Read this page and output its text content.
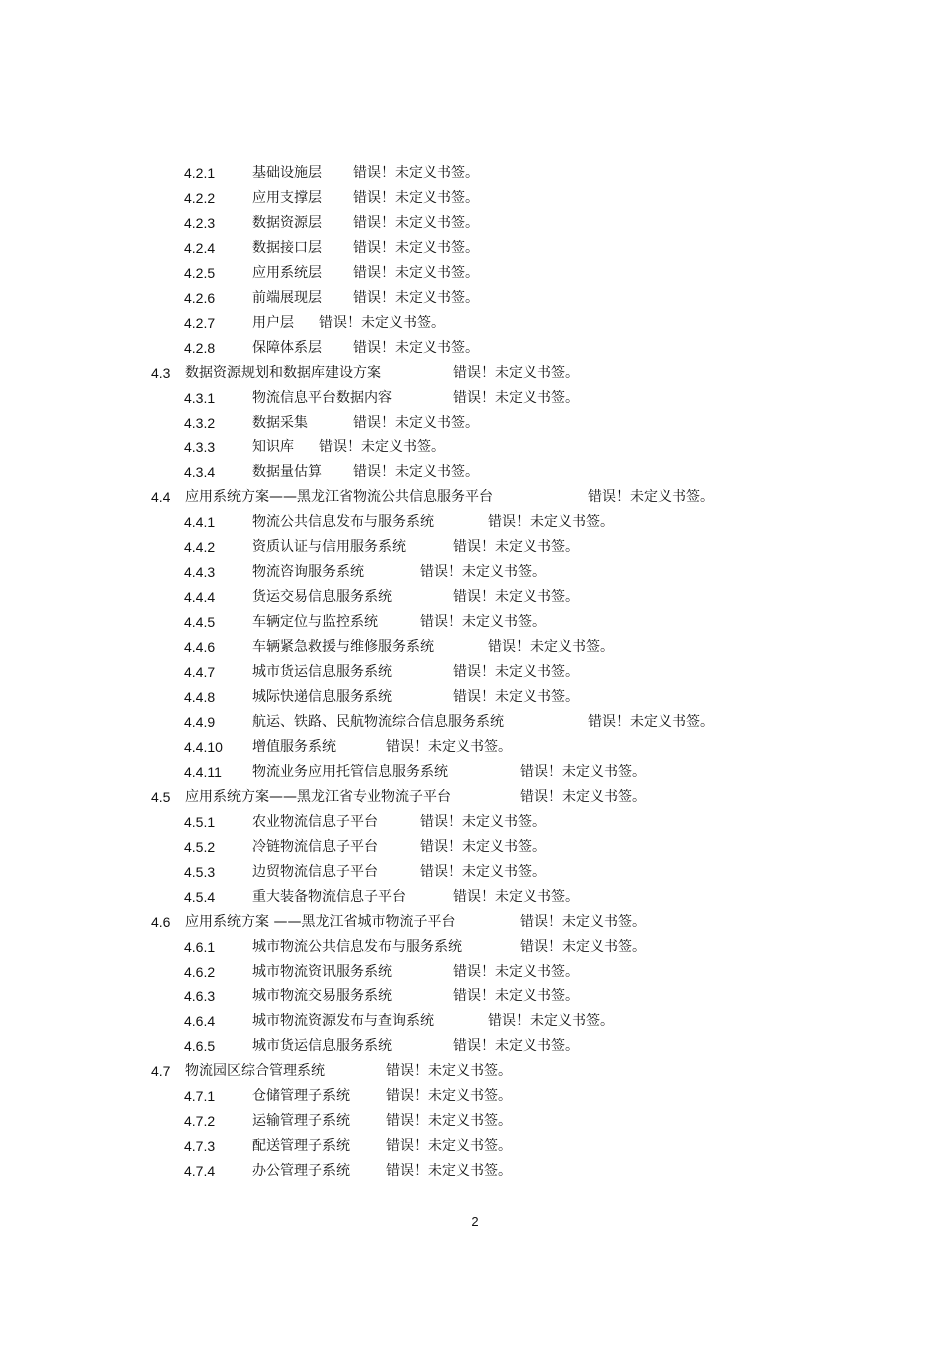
4.2.1	基础设施层 错误！未定义书签。
4.2.2	应用支撑层 错误！未定义书签。
4.2.3	数据资源层 错误！未定义书签。
4.2.4	数据接口层 错误！未定义书签。
4.2.5	应用系统层 错误！未定义书签。
4.2.6	前端展现层 错误！未定义书签。
4.2.7	用户层 错误！未定义书签。
4.2.8	保障体系层 错误！未定义书签。
4.3 数据资源规划和数据库建设方案	错误！未定义书签。
4.3.1	物流信息平台数据内容	错误！未定义书签。
4.3.2	数据采集	错误！未定义书签。
4.3.3	知识库 错误！未定义书签。
4.3.4	数据量估算 错误！未定义书签。
4.4 应用系统方案——黑龙江省物流公共信息服务平台	错误！未定义书签。
4.4.1	物流公共信息发布与服务系统	错误！未定义书签。
4.4.2	资质认证与信用服务系统	错误！未定义书签。
4.4.3	物流咨询服务系统	错误！未定义书签。
4.4.4	货运交易信息服务系统	错误！未定义书签。
4.4.5	车辆定位与监控系统	错误！未定义书签。
4.4.6	车辆紧急救援与维修服务系统	错误！未定义书签。
4.4.7	城市货运信息服务系统	错误！未定义书签。
4.4.8	城际快递信息服务系统	错误！未定义书签。
4.4.9	航运、铁路、民航物流综合信息服务系统	错误！未定义书签。
4.4.10 增值服务系统	错误！未定义书签。
4.4.11 物流业务应用托管信息服务系统	错误！未定义书签。
4.5 应用系统方案——黑龙江省专业物流子平台	错误！未定义书签。
4.5.1	农业物流信息子平台	错误！未定义书签。
4.5.2	冷链物流信息子平台	错误！未定义书签。
4.5.3	边贸物流信息子平台	错误！未定义书签。
4.5.4	重大装备物流信息子平台	错误！未定义书签。
4.6 应用系统方案 ——黑龙江省城市物流子平台	错误！未定义书签。
4.6.1	城市物流公共信息发布与服务系统	错误！未定义书签。
4.6.2	城市物流资讯服务系统	错误！未定义书签。
4.6.3	城市物流交易服务系统	错误！未定义书签。
4.6.4	城市物流资源发布与查询系统	错误！未定义书签。
4.6.5	城市货运信息服务系统	错误！未定义书签。
4.7 物流园区综合管理系统	错误！未定义书签。
4.7.1	仓储管理子系统	错误！未定义书签。
4.7.2	运输管理子系统	错误！未定义书签。
4.7.3	配送管理子系统	错误！未定义书签。
4.7.4	办公管理子系统	错误！未定义书签。
2
